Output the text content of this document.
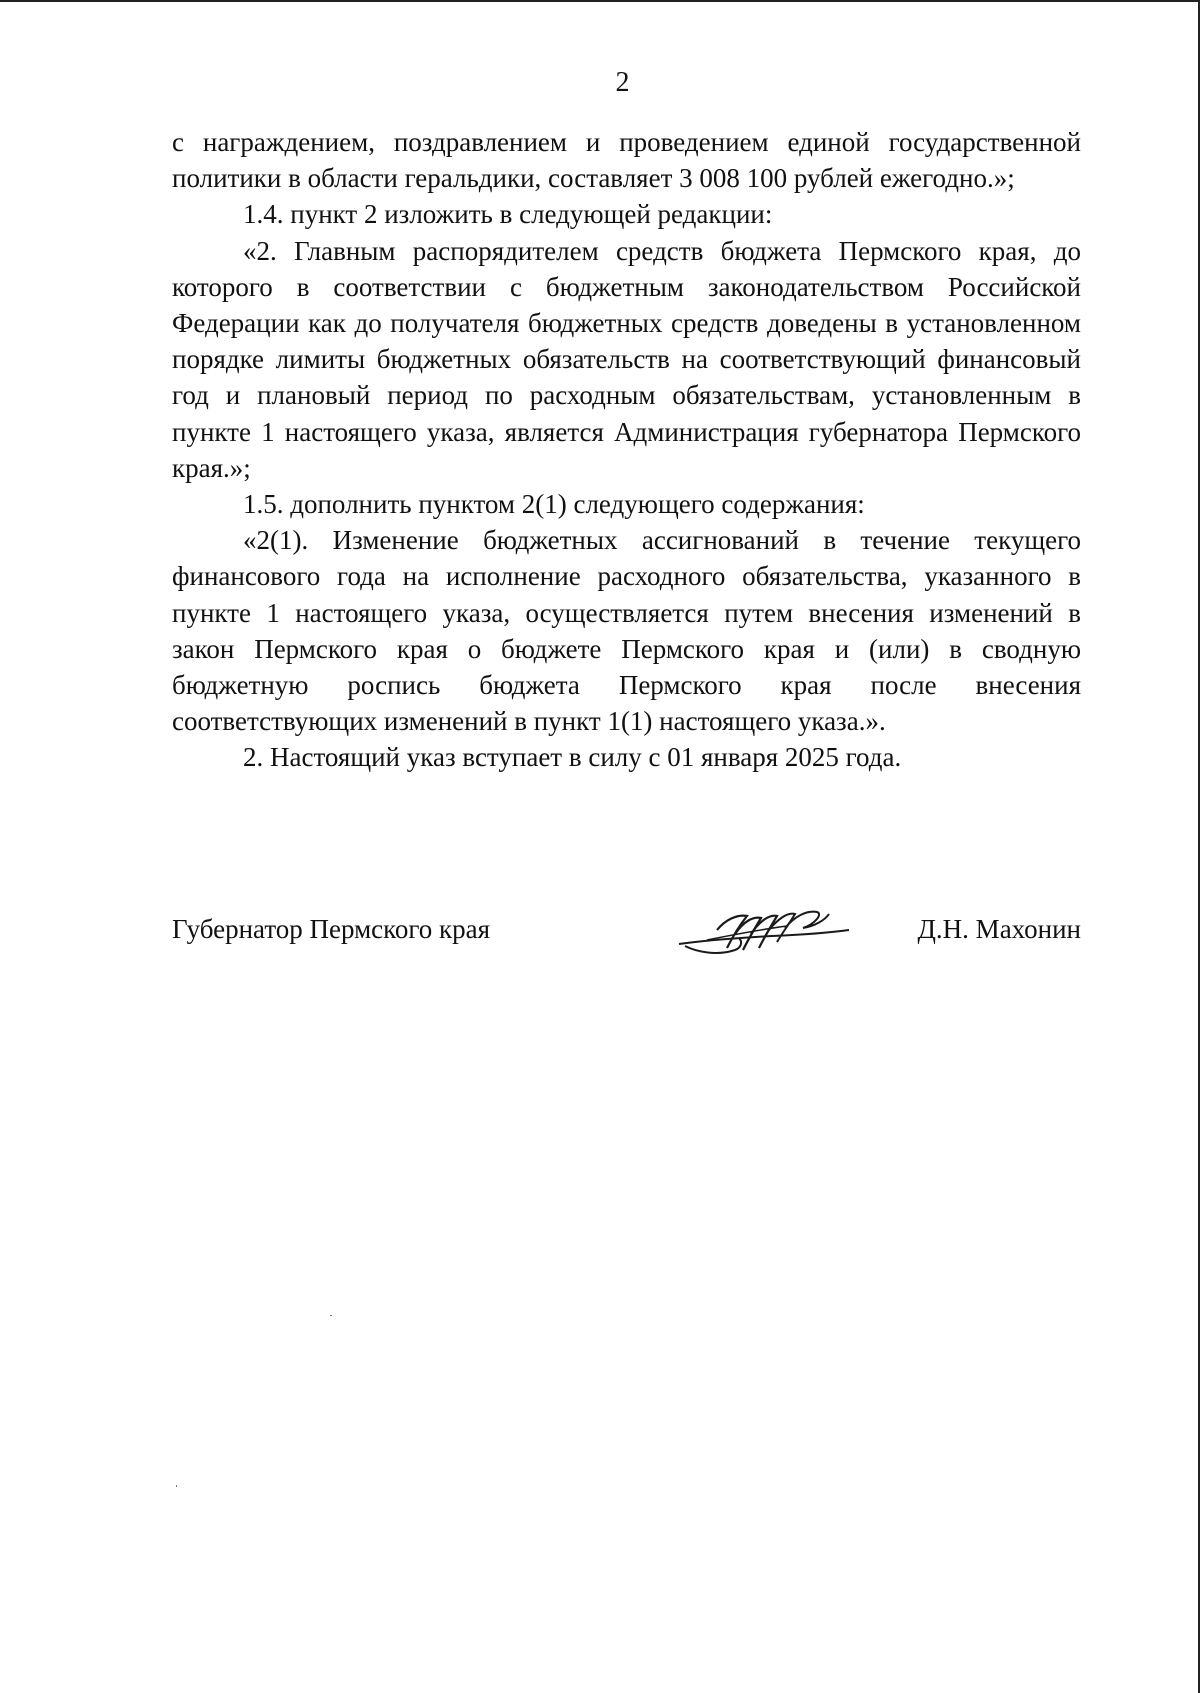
2

с награждением, поздравлением и проведением единой государственной политики в области геральдики, составляет 3 008 100 рублей ежегодно.»;

1.4. пункт 2 изложить в следующей редакции:

«2. Главным распорядителем средств бюджета Пермского края, до которого в соответствии с бюджетным законодательством Российской Федерации как до получателя бюджетных средств доведены в установленном порядке лимиты бюджетных обязательств на соответствующий финансовый год и плановый период по расходным обязательствам, установленным в пункте 1 настоящего указа, является Администрация губернатора Пермского края.»;

1.5. дополнить пунктом 2(1) следующего содержания:

«2(1). Изменение бюджетных ассигнований в течение текущего финансового года на исполнение расходного обязательства, указанного в пункте 1 настоящего указа, осуществляется путем внесения изменений в закон Пермского края о бюджете Пермского края и (или) в сводную бюджетную роспись бюджета Пермского края после внесения соответствующих изменений в пункт 1(1) настоящего указа.».

2. Настоящий указ вступает в силу с 01 января 2025 года.

Губернатор Пермского края	Д.Н. Махонин
